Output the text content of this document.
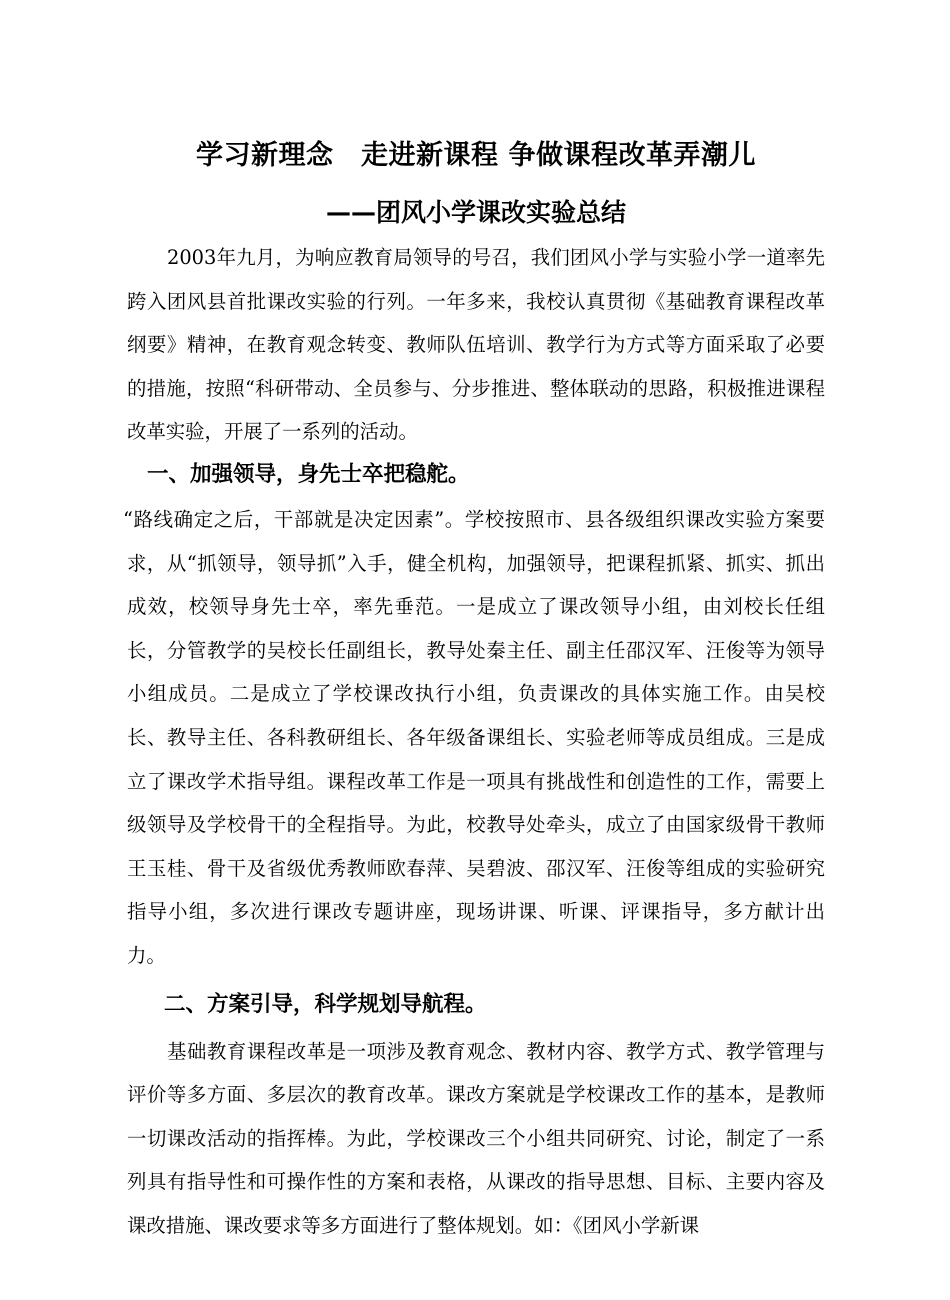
学习新理念　走进新课程 争做课程改革弄潮儿
——团风小学课改实验总结

2003年九月，为响应教育局领导的号召，我们团风小学与实验小学一道率先跨入团风县首批课改实验的行列。一年多来，我校认真贯彻《基础教育课程改革纲要》精神，在教育观念转变、教师队伍培训、教学行为方式等方面采取了必要的措施，按照“科研带动、全员参与、分步推进、整体联动的思路，积极推进课程改革实验，开展了一系列的活动。

一、加强领导，身先士卒把稳舵。

“路线确定之后，干部就是决定因素”。学校按照市、县各级组织课改实验方案要求，从“抓领导，领导抓”入手，健全机构，加强领导，把课程抓紧、抓实、抓出成效，校领导身先士卒，率先垂范。一是成立了课改领导小组，由刘校长任组长，分管教学的吴校长任副组长，教导处秦主任、副主任邵汉军、汪俊等为领导小组成员。二是成立了学校课改执行小组，负责课改的具体实施工作。由吴校长、教导主任、各科教研组长、各年级备课组长、实验老师等成员组成。三是成立了课改学术指导组。课程改革工作是一项具有挑战性和创造性的工作，需要上级领导及学校骨干的全程指导。为此，校教导处牵头，成立了由国家级骨干教师王玉桂、骨干及省级优秀教师欧春萍、吴碧波、邵汉军、汪俊等组成的实验研究指导小组，多次进行课改专题讲座，现场讲课、听课、评课指导，多方献计出力。

二、方案引导，科学规划导航程。

基础教育课程改革是一项涉及教育观念、教材内容、教学方式、教学管理与评价等多方面、多层次的教育改革。课改方案就是学校课改工作的基本，是教师一切课改活动的指挥棒。为此，学校课改三个小组共同研究、讨论，制定了一系列具有指导性和可操作性的方案和表格，从课改的指导思想、目标、主要内容及课改措施、课改要求等多方面进行了整体规划。如：《团风小学新课
